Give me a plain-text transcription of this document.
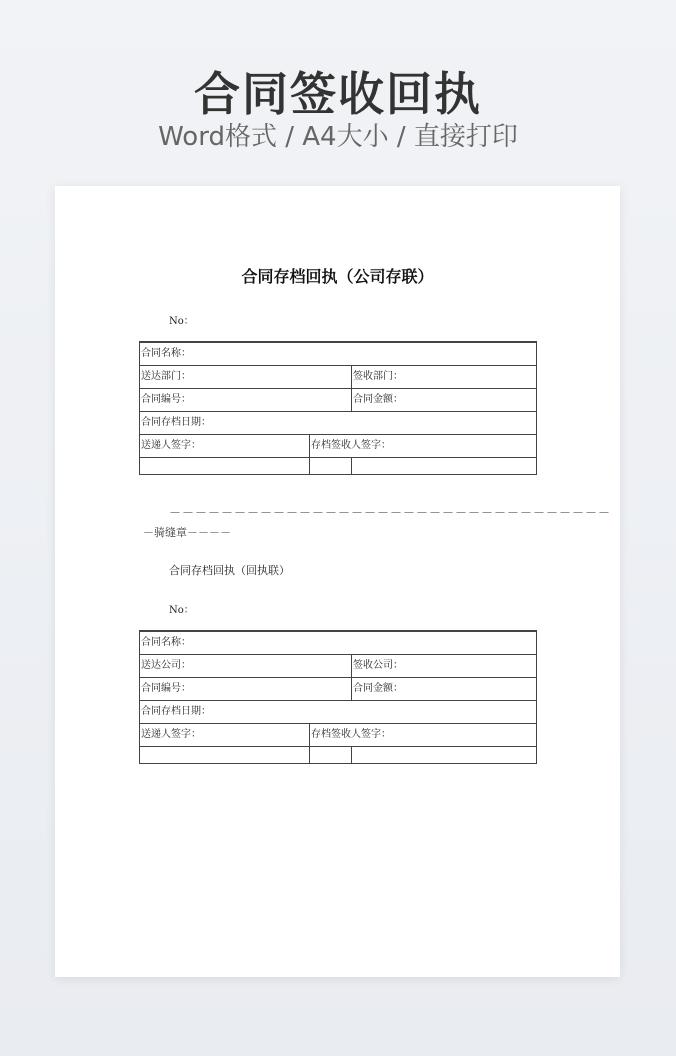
合同签收回执
Word格式 / A4大小 / 直接打印
合同存档回执（公司存联）
No：
合同名称：		
送达部门：		签收部门：
合同编号：		合同金额：
合同存档日期：		
送递人签字：	存档签收人签字：	

－－－－－－－－－－－－－－－－－－－－－－－－－－－－－－－－－－
－骑缝章－－－－
合同存档回执（回执联）
No：
合同名称：		
送达公司：		签收公司：
合同编号：		合同金额：
合同存档日期：		
送递人签字：	存档签收人签字：	
